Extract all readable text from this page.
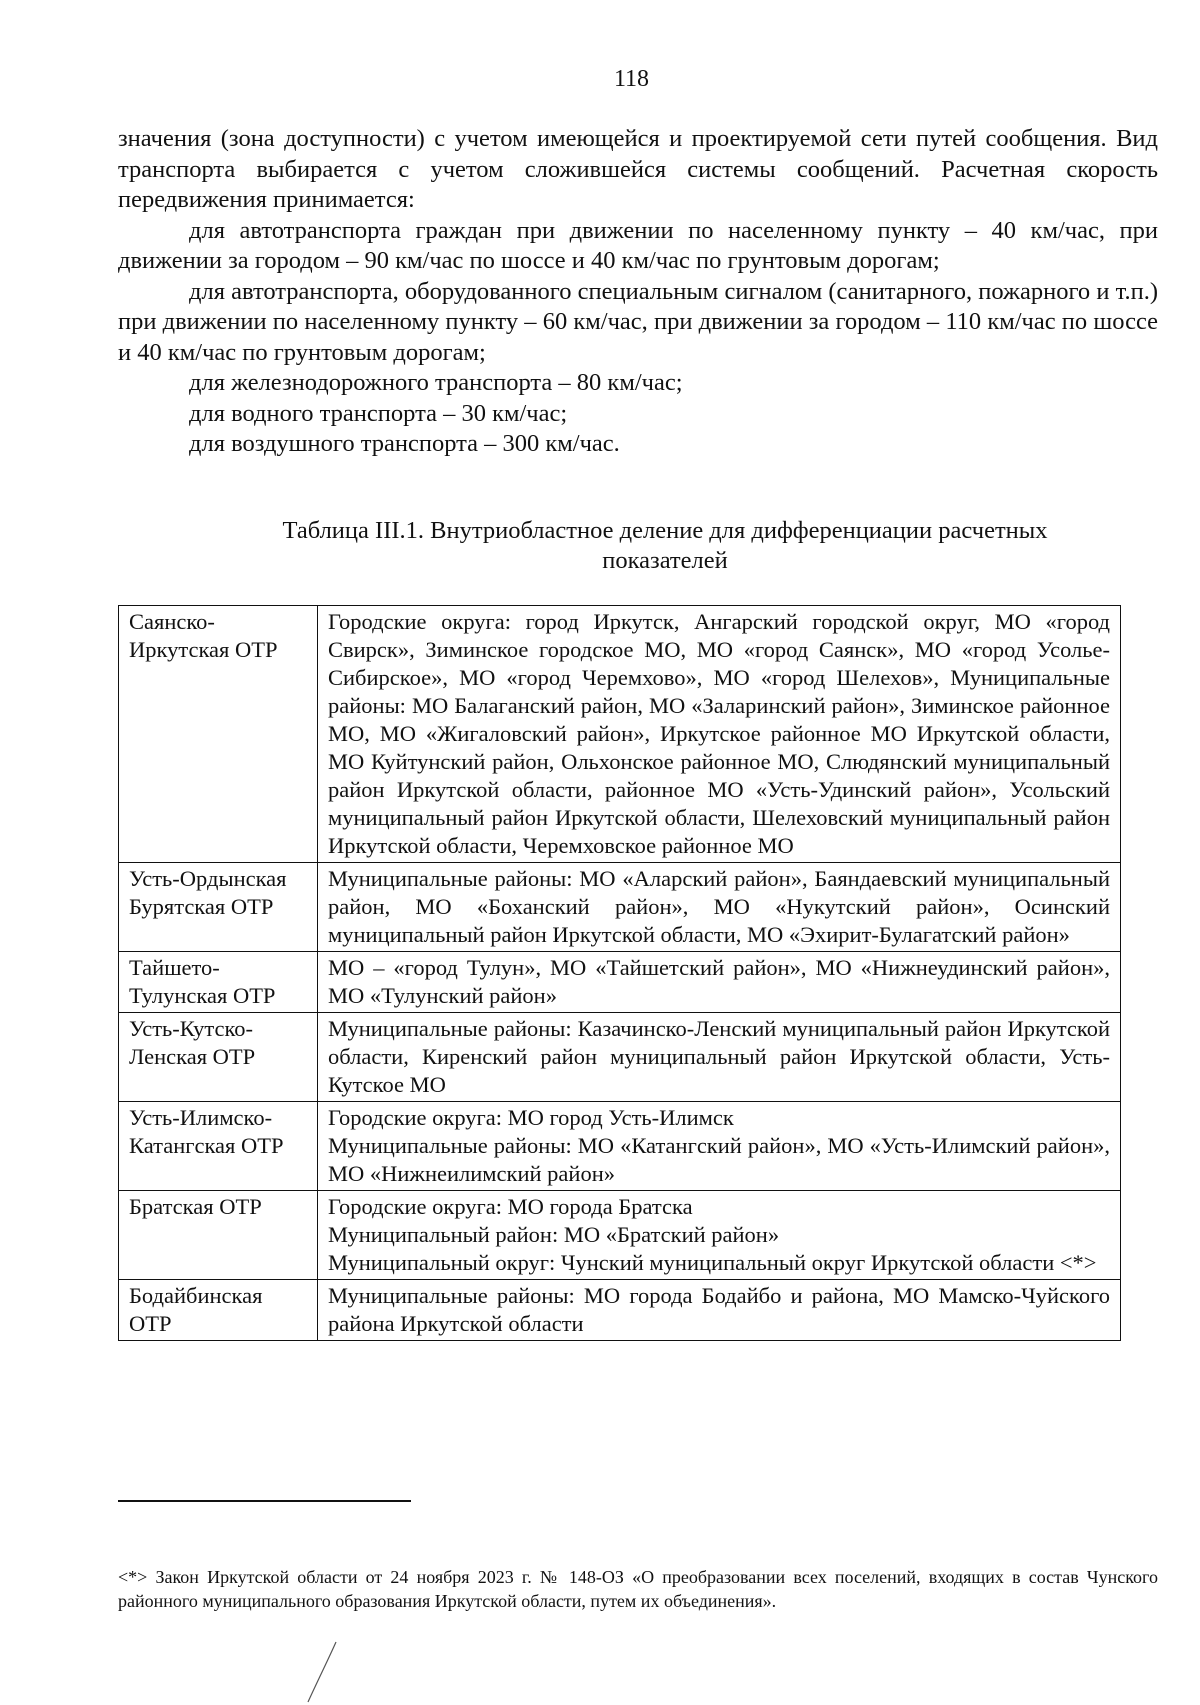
118

значения (зона доступности) с учетом имеющейся и проектируемой сети путей сообщения. Вид транспорта выбирается с учетом сложившейся системы сообщений. Расчетная скорость передвижения принимается:

для автотранспорта граждан при движении по населенному пункту – 40 км/час, при движении за городом – 90 км/час по шоссе и 40 км/час по грунтовым дорогам;

для автотранспорта, оборудованного специальным сигналом (санитарного, пожарного и т.п.) при движении по населенному пункту – 60 км/час, при движении за городом – 110 км/час по шоссе и 40 км/час по грунтовым дорогам;

для железнодорожного транспорта – 80 км/час;

для водного транспорта – 30 км/час;

для воздушного транспорта – 300 км/час.

Таблица III.1. Внутриобластное деление для дифференциации расчетных
показателей
Саянско-Иркутская ОТР	Городские округа: город Иркутск, Ангарский городской округ, МО «город Свирск», Зиминское городское МО, МО «город Саянск», МО «город Усолье-Сибирское», МО «город Черемхово», МО «город Шелехов», Муниципальные районы: МО Балаганский район, МО «Заларинский район», Зиминское районное МО, МО «Жигаловский район», Иркутское районное МО Иркутской области, МО Куйтунский район, Ольхонское районное МО, Слюдянский муниципальный район Иркутской области, районное МО «Усть-Удинский район», Усольский муниципальный район Иркутской области, Шелеховский муниципальный район Иркутской области, Черемховское районное МО

Усть-Ордынская Бурятская ОТР	Муниципальные районы: МО «Аларский район», Баяндаевский муниципальный район, МО «Боханский район», МО «Нукутский район», Осинский муниципальный район Иркутской области, МО «Эхирит-Булагатский район»

Тайшето-Тулунская ОТР	МО – «город Тулун», МО «Тайшетский район», МО «Нижнеудинский район», МО «Тулунский район»

Усть-Кутско-Ленская ОТР	Муниципальные районы: Казачинско-Ленский муниципальный район Иркутской области, Киренский район муниципальный район Иркутской области, Усть-Кутское МО

Усть-Илимско-Катангская ОТР	Городские округа: МО город Усть-Илимск
Муниципальные районы: МО «Катангский район», МО «Усть-Илимский район», МО «Нижнеилимский район»

Братская ОТР	Городские округа: МО города Братска
Муниципальный район: МО «Братский район»
Муниципальный округ: Чунский муниципальный округ Иркутской области <*>

Бодайбинская ОТР	Муниципальные районы: МО города Бодайбо и района, МО Мамско-Чуйского района Иркутской области
<*> Закон Иркутской области от 24 ноября 2023 г. № 148-ОЗ «О преобразовании всех поселений, входящих в состав Чунского районного муниципального образования Иркутской области, путем их объединения».
